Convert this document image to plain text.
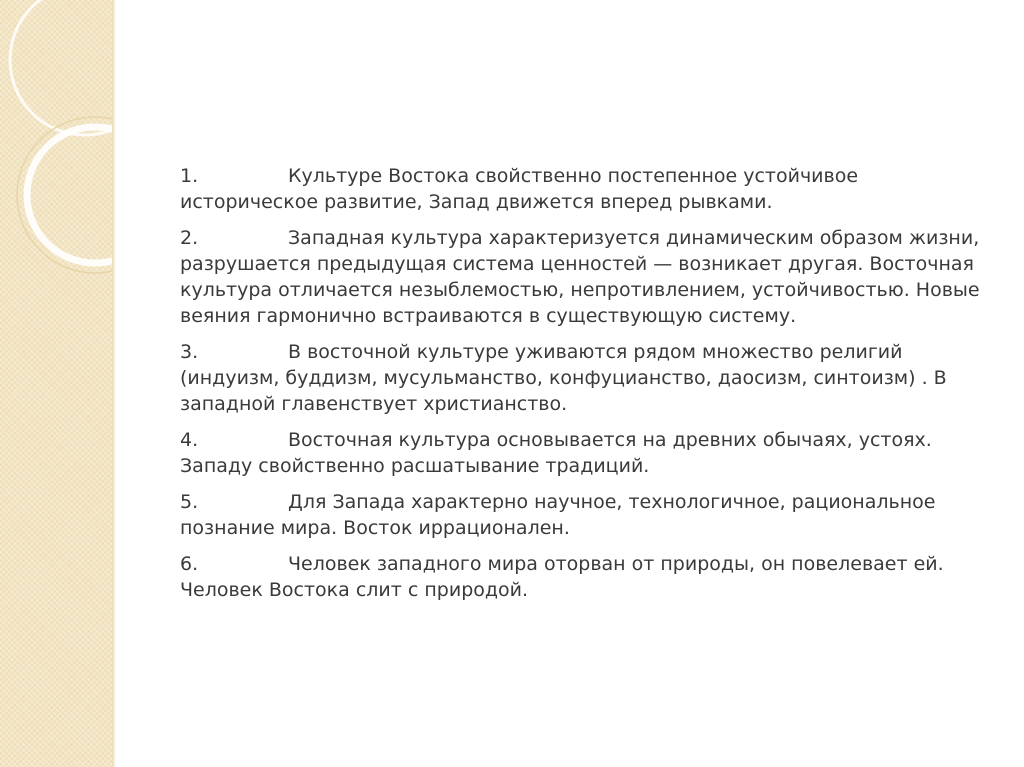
1.	Культуре Востока свойственно постепенное устойчивое историческое развитие, Запад движется вперед рывками.
2.	Западная культура характеризуется динамическим образом жизни, разрушается предыдущая система ценностей — возникает другая. Восточная культура отличается незыблемостью, непротивлением, устойчивостью. Новые веяния гармонично встраиваются в существующую систему.
3.	В восточной культуре уживаются рядом множество религий (индуизм, буддизм, мусульманство, конфуцианство, даосизм, синтоизм) . В западной главенствует христианство.
4.	Восточная культура основывается на древних обычаях, устоях. Западу свойственно расшатывание традиций.
5.	Для Запада характерно научное, технологичное, рациональное познание мира. Восток иррационален.
6.	Человек западного мира оторван от природы, он повелевает ей. Человек Востока слит с природой.
